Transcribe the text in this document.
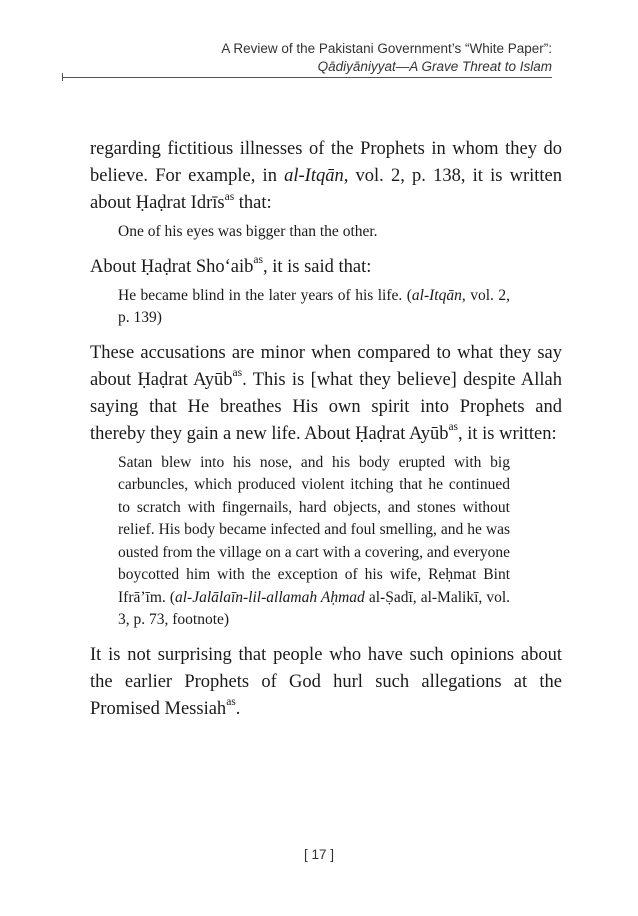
A Review of the Pakistani Government’s “White Paper”:
Qādiyāniyyat—A Grave Threat to Islam

regarding fictitious illnesses of the Prophets in whom they do believe. For example, in al-Itqān, vol. 2, p. 138, it is written about Ḥaḍrat Idrīs$^{as}$ that:

One of his eyes was bigger than the other.

About Ḥaḍrat Sho‘aib$^{as}$, it is said that:

He became blind in the later years of his life. (al-Itqān, vol. 2, p. 139)

These accusations are minor when compared to what they say about Ḥaḍrat Ayūb$^{as}$. This is [what they believe] despite Allah saying that He breathes His own spirit into Prophets and thereby they gain a new life. About Ḥaḍrat Ayūb$^{as}$, it is written:

Satan blew into his nose, and his body erupted with big carbuncles, which produced violent itching that he continued to scratch with fingernails, hard objects, and stones without relief. His body became infected and foul smelling, and he was ousted from the village on a cart with a covering, and everyone boycotted him with the exception of his wife, Reḥmat Bint Ifrā’īm. (al-Jalālaīn-lil-allamah Aḥmad al-Ṣadī, al-Malikī, vol. 3, p. 73, footnote)

It is not surprising that people who have such opinions about the earlier Prophets of God hurl such allegations at the Promised Messiah$^{as}$.

[ 17 ]
